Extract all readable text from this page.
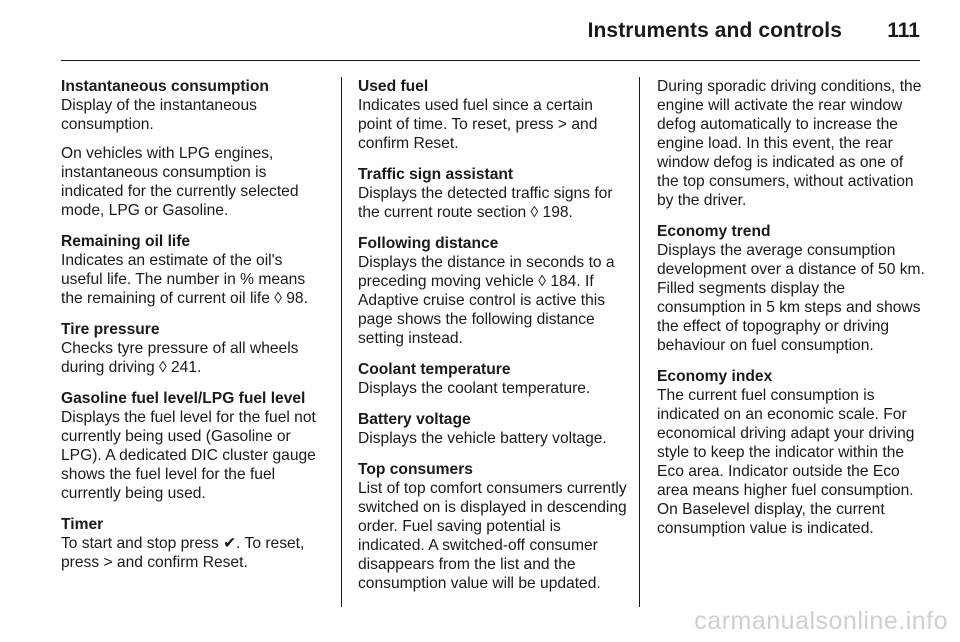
Instruments and controls 111
Instantaneous consumption

Display of the instantaneous consumption.

On vehicles with LPG engines, instantaneous consumption is indicated for the currently selected mode, LPG or Gasoline.

Remaining oil life

Indicates an estimate of the oil's useful life. The number in % means the remaining of current oil life ◊ 98.

Tire pressure

Checks tyre pressure of all wheels during driving ◊ 241.

Gasoline fuel level/LPG fuel level

Displays the fuel level for the fuel not currently being used (Gasoline or LPG). A dedicated DIC cluster gauge shows the fuel level for the fuel currently being used.

Timer

To start and stop press ✔. To reset, press > and confirm Reset.

Used fuel

Indicates used fuel since a certain point of time. To reset, press > and confirm Reset.

Traffic sign assistant

Displays the detected traffic signs for the current route section ◊ 198.

Following distance

Displays the distance in seconds to a preceding moving vehicle ◊ 184. If Adaptive cruise control is active this page shows the following distance setting instead.

Coolant temperature

Displays the coolant temperature.

Battery voltage

Displays the vehicle battery voltage.

Top consumers

List of top comfort consumers currently switched on is displayed in descending order. Fuel saving potential is indicated. A switched-off consumer disappears from the list and the consumption value will be updated.

During sporadic driving conditions, the engine will activate the rear window defog automatically to increase the engine load. In this event, the rear window defog is indicated as one of the top consumers, without activation by the driver.

Economy trend

Displays the average consumption development over a distance of 50 km. Filled segments display the consumption in 5 km steps and shows the effect of topography or driving behaviour on fuel consumption.

Economy index

The current fuel consumption is indicated on an economic scale. For economical driving adapt your driving style to keep the indicator within the Eco area. Indicator outside the Eco area means higher fuel consumption. On Baselevel display, the current consumption value is indicated.

carmanualsonline.info
